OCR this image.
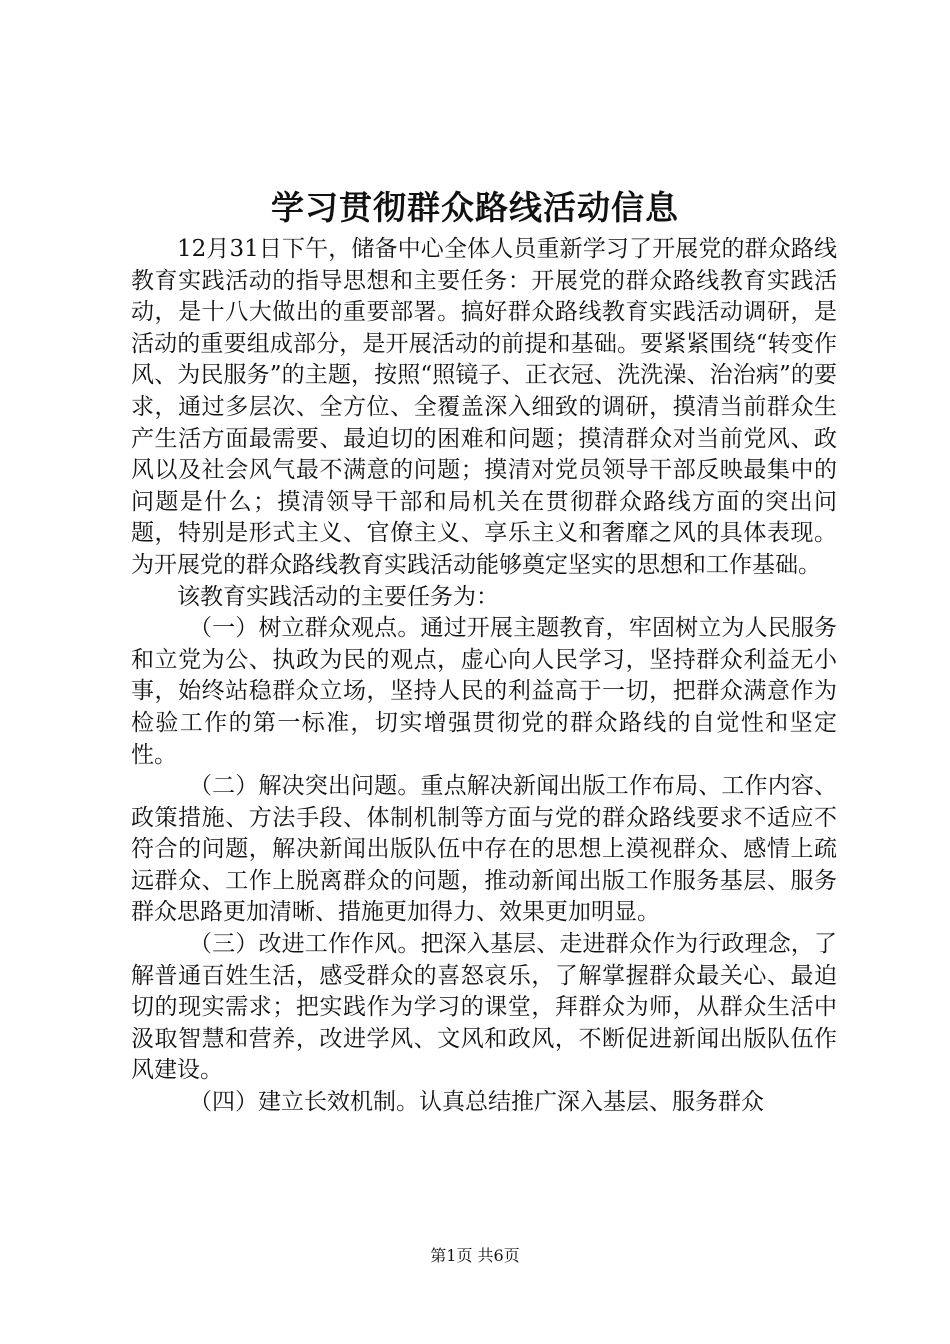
学习贯彻群众路线活动信息

12月31日下午，储备中心全体人员重新学习了开展党的群众路线教育实践活动的指导思想和主要任务：开展党的群众路线教育实践活动，是十八大做出的重要部署。搞好群众路线教育实践活动调研，是活动的重要组成部分，是开展活动的前提和基础。要紧紧围绕“转变作风、为民服务”的主题，按照“照镜子、正衣冠、洗洗澡、治治病”的要求，通过多层次、全方位、全覆盖深入细致的调研，摸清当前群众生产生活方面最需要、最迫切的困难和问题；摸清群众对当前党风、政风以及社会风气最不满意的问题；摸清对党员领导干部反映最集中的问题是什么；摸清领导干部和局机关在贯彻群众路线方面的突出问题，特别是形式主义、官僚主义、享乐主义和奢靡之风的具体表现。为开展党的群众路线教育实践活动能够奠定坚实的思想和工作基础。

该教育实践活动的主要任务为：

（一）树立群众观点。通过开展主题教育，牢固树立为人民服务和立党为公、执政为民的观点，虚心向人民学习，坚持群众利益无小事，始终站稳群众立场，坚持人民的利益高于一切，把群众满意作为检验工作的第一标准，切实增强贯彻党的群众路线的自觉性和坚定性。

（二）解决突出问题。重点解决新闻出版工作布局、工作内容、政策措施、方法手段、体制机制等方面与党的群众路线要求不适应不符合的问题，解决新闻出版队伍中存在的思想上漠视群众、感情上疏远群众、工作上脱离群众的问题，推动新闻出版工作服务基层、服务群众思路更加清晰、措施更加得力、效果更加明显。

（三）改进工作作风。把深入基层、走进群众作为行政理念，了解普通百姓生活，感受群众的喜怒哀乐，了解掌握群众最关心、最迫切的现实需求；把实践作为学习的课堂，拜群众为师，从群众生活中汲取智慧和营养，改进学风、文风和政风，不断促进新闻出版队伍作风建设。

（四）建立长效机制。认真总结推广深入基层、服务群众

第1页 共6页
